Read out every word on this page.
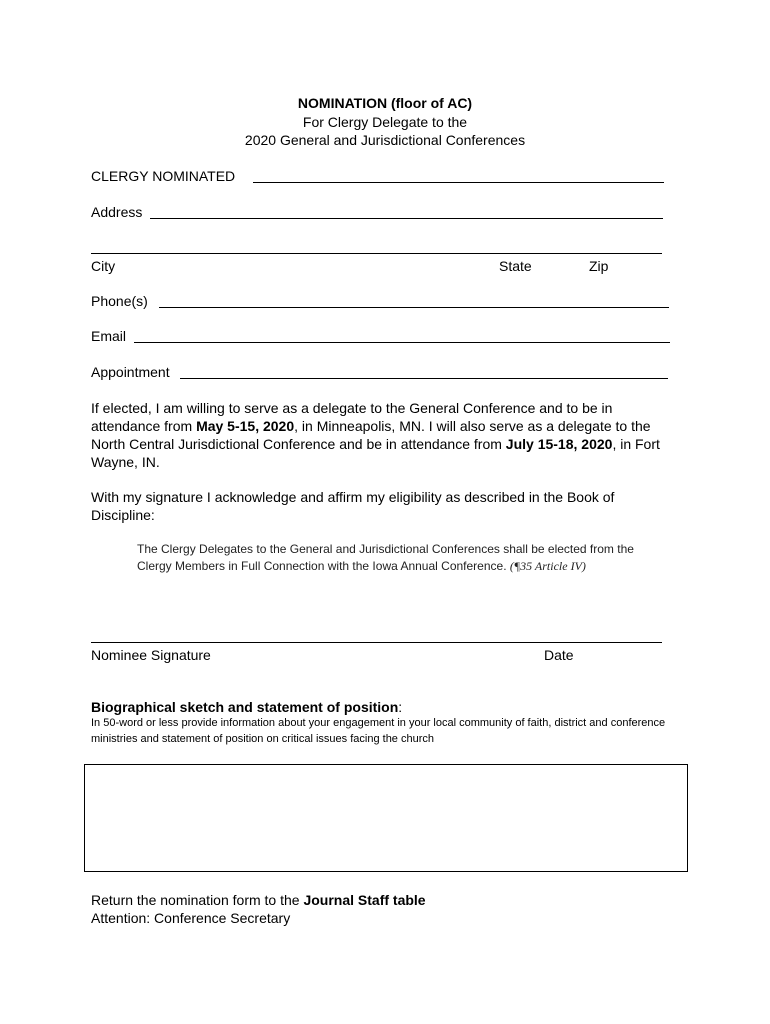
NOMINATION (floor of AC)
For Clergy Delegate to the
2020 General and Jurisdictional Conferences
CLERGY NOMINATED
Address
City	State	Zip
Phone(s)
Email
Appointment
If elected, I am willing to serve as a delegate to the General Conference and to be in attendance from May 5-15, 2020, in Minneapolis, MN. I will also serve as a delegate to the North Central Jurisdictional Conference and be in attendance from July 15-18, 2020, in Fort Wayne, IN.
With my signature I acknowledge and affirm my eligibility as described in the Book of Discipline:
The Clergy Delegates to the General and Jurisdictional Conferences shall be elected from the Clergy Members in Full Connection with the Iowa Annual Conference. (¶35 Article IV)
Nominee Signature	Date
Biographical sketch and statement of position:
In 50-word or less provide information about your engagement in your local community of faith, district and conference ministries and statement of position on critical issues facing the church
Return the nomination form to the Journal Staff table
Attention: Conference Secretary
